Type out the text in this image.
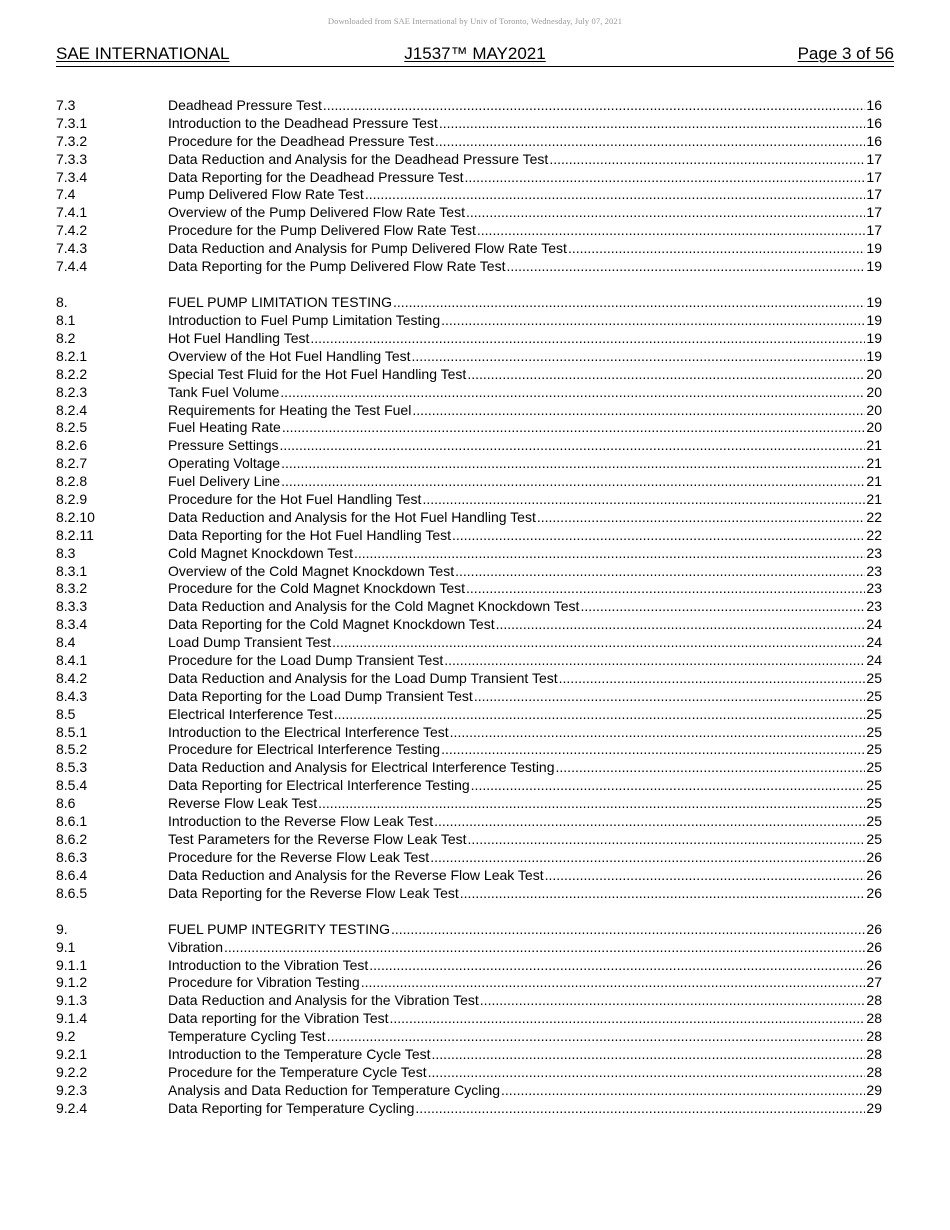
Downloaded from SAE International by Univ of Toronto, Wednesday, July 07, 2021
SAE INTERNATIONAL	J1537™ MAY2021	Page 3 of 56
7.3	Deadhead Pressure Test .....	16
7.3.1	Introduction to the Deadhead Pressure Test .....	16
7.3.2	Procedure for the Deadhead Pressure Test .....	16
7.3.3	Data Reduction and Analysis for the Deadhead Pressure Test .....	17
7.3.4	Data Reporting for the Deadhead Pressure Test .....	17
7.4	Pump Delivered Flow Rate Test .....	17
7.4.1	Overview of the Pump Delivered Flow Rate Test .....	17
7.4.2	Procedure for the Pump Delivered Flow Rate Test .....	17
7.4.3	Data Reduction and Analysis for Pump Delivered Flow Rate Test .....	19
7.4.4	Data Reporting for the Pump Delivered Flow Rate Test .....	19
8.	FUEL PUMP LIMITATION TESTING .....	19
8.1	Introduction to Fuel Pump Limitation Testing .....	19
8.2	Hot Fuel Handling Test .....	19
8.2.1	Overview of the Hot Fuel Handling Test .....	19
8.2.2	Special Test Fluid for the Hot Fuel Handling Test .....	20
8.2.3	Tank Fuel Volume .....	20
8.2.4	Requirements for Heating the Test Fuel .....	20
8.2.5	Fuel Heating Rate .....	20
8.2.6	Pressure Settings .....	21
8.2.7	Operating Voltage .....	21
8.2.8	Fuel Delivery Line .....	21
8.2.9	Procedure for the Hot Fuel Handling Test .....	21
8.2.10	Data Reduction and Analysis for the Hot Fuel Handling Test .....	22
8.2.11	Data Reporting for the Hot Fuel Handling Test .....	22
8.3	Cold Magnet Knockdown Test .....	23
8.3.1	Overview of the Cold Magnet Knockdown Test .....	23
8.3.2	Procedure for the Cold Magnet Knockdown Test .....	23
8.3.3	Data Reduction and Analysis for the Cold Magnet Knockdown Test .....	23
8.3.4	Data Reporting for the Cold Magnet Knockdown Test .....	24
8.4	Load Dump Transient Test .....	24
8.4.1	Procedure for the Load Dump Transient Test .....	24
8.4.2	Data Reduction and Analysis for the Load Dump Transient Test .....	25
8.4.3	Data Reporting for the Load Dump Transient Test .....	25
8.5	Electrical Interference Test .....	25
8.5.1	Introduction to the Electrical Interference Test .....	25
8.5.2	Procedure for Electrical Interference Testing .....	25
8.5.3	Data Reduction and Analysis for Electrical Interference Testing .....	25
8.5.4	Data Reporting for Electrical Interference Testing .....	25
8.6	Reverse Flow Leak Test .....	25
8.6.1	Introduction to the Reverse Flow Leak Test .....	25
8.6.2	Test Parameters for the Reverse Flow Leak Test .....	25
8.6.3	Procedure for the Reverse Flow Leak Test .....	26
8.6.4	Data Reduction and Analysis for the Reverse Flow Leak Test .....	26
8.6.5	Data Reporting for the Reverse Flow Leak Test .....	26
9.	FUEL PUMP INTEGRITY TESTING .....	26
9.1	Vibration .....	26
9.1.1	Introduction to the Vibration Test .....	26
9.1.2	Procedure for Vibration Testing .....	27
9.1.3	Data Reduction and Analysis for the Vibration Test .....	28
9.1.4	Data reporting for the Vibration Test .....	28
9.2	Temperature Cycling Test .....	28
9.2.1	Introduction to the Temperature Cycle Test .....	28
9.2.2	Procedure for the Temperature Cycle Test .....	28
9.2.3	Analysis and Data Reduction for Temperature Cycling .....	29
9.2.4	Data Reporting for Temperature Cycling .....	29
